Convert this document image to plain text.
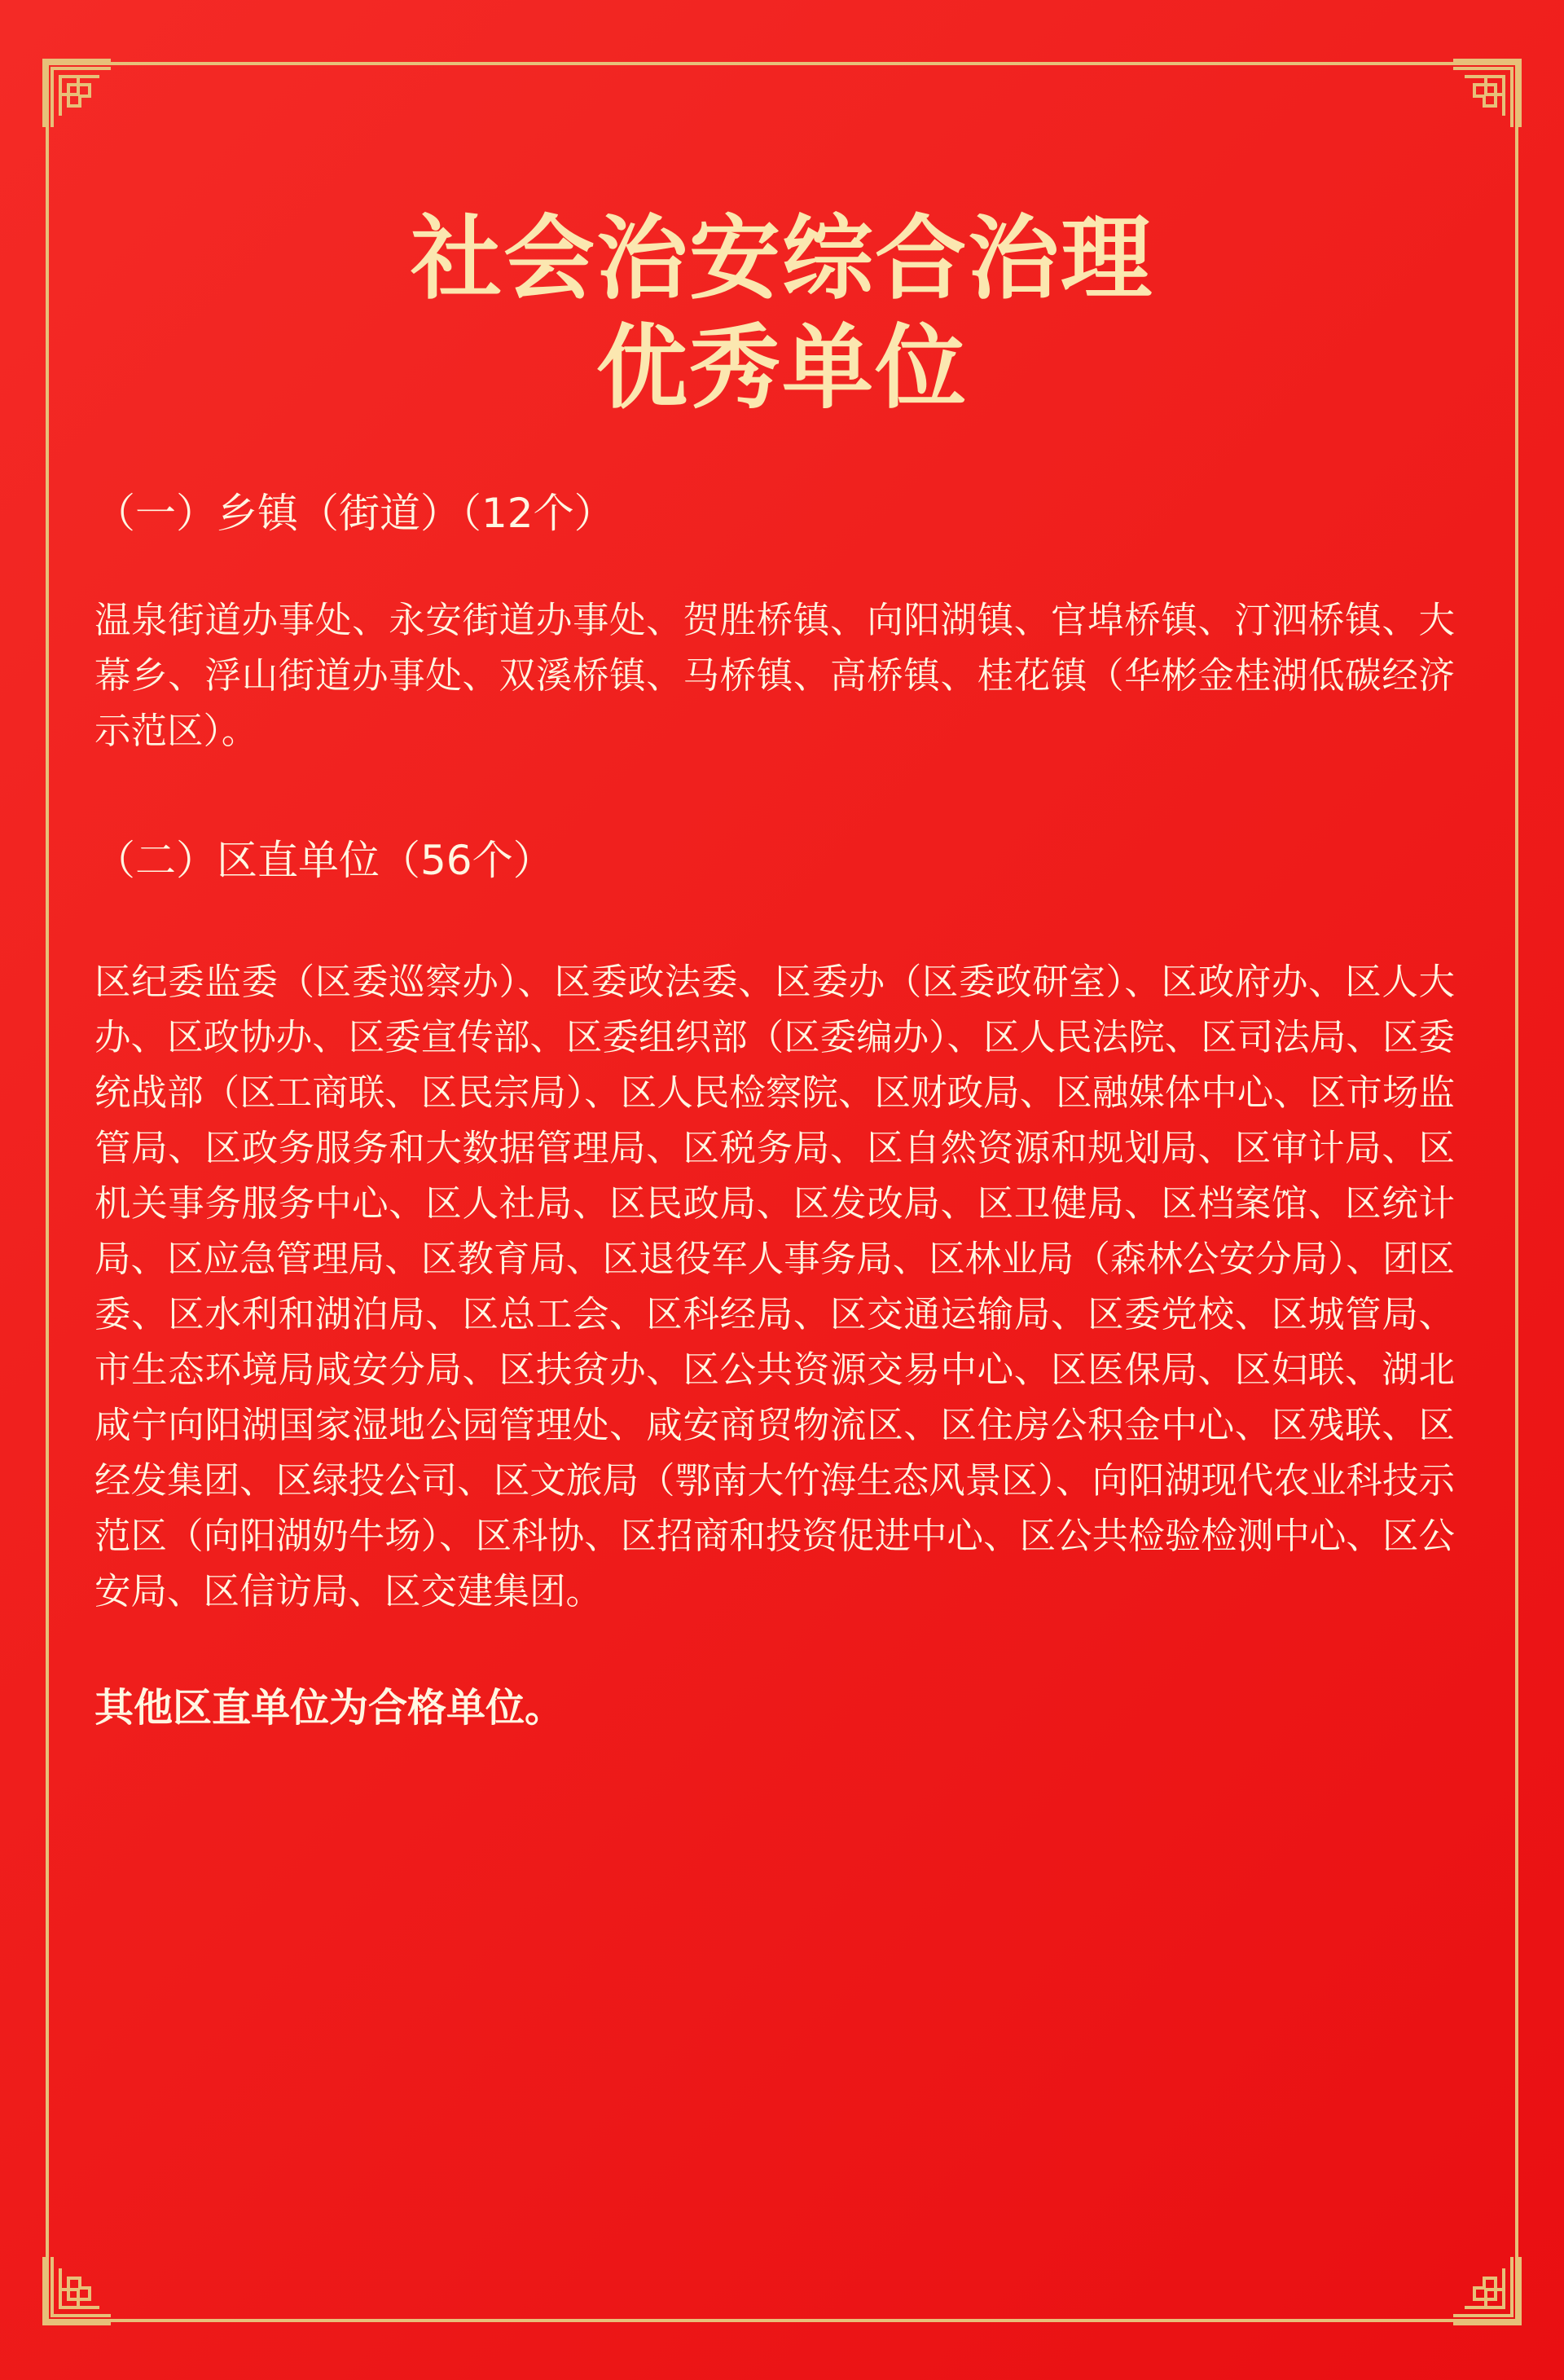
社会治安综合治理
优秀单位

（一）乡镇（街道）（12个）

温泉街道办事处、永安街道办事处、贺胜桥镇、向阳湖镇、官埠桥镇、汀泗桥镇、大幕乡、浮山街道办事处、双溪桥镇、马桥镇、高桥镇、桂花镇（华彬金桂湖低碳经济示范区）。

（二）区直单位（56个）

区纪委监委（区委巡察办）、区委政法委、区委办（区委政研室）、区政府办、区人大办、区政协办、区委宣传部、区委组织部（区委编办）、区人民法院、区司法局、区委统战部（区工商联、区民宗局）、区人民检察院、区财政局、区融媒体中心、区市场监管局、区政务服务和大数据管理局、区税务局、区自然资源和规划局、区审计局、区机关事务服务中心、区人社局、区民政局、区发改局、区卫健局、区档案馆、区统计局、区应急管理局、区教育局、区退役军人事务局、区林业局（森林公安分局）、团区委、区水利和湖泊局、区总工会、区科经局、区交通运输局、区委党校、区城管局、市生态环境局咸安分局、区扶贫办、区公共资源交易中心、区医保局、区妇联、湖北咸宁向阳湖国家湿地公园管理处、咸安商贸物流区、区住房公积金中心、区残联、区经发集团、区绿投公司、区文旅局（鄂南大竹海生态风景区）、向阳湖现代农业科技示范区（向阳湖奶牛场）、区科协、区招商和投资促进中心、区公共检验检测中心、区公安局、区信访局、区交建集团。

其他区直单位为合格单位。
